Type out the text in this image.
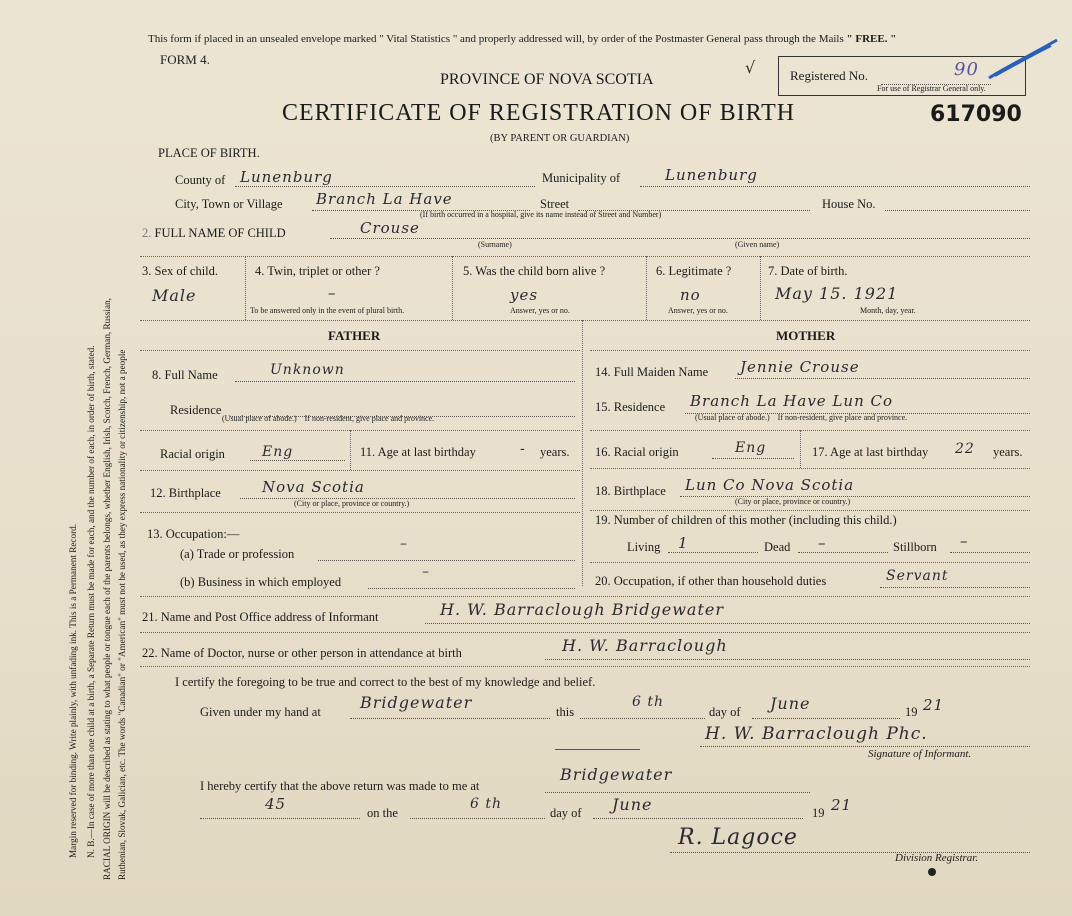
Margin reserved for binding. Write plainly, with unfading ink. This is a Permanent Record. N. B.—In case of more than one child at a birth, a Separate Return must be made for each, and the number of each, in order of birth, stated. RACIAL ORIGIN will be described as stating to what people or tongue each of the parents belongs, whether English, Irish, Scotch, French, German, Russian, Ruthenian, Slovak, Galician, etc. The words "Canadian" or "American" must not be used, as they express nationality or citizenship, not a people
This form if placed in an unsealed envelope marked " Vital Statistics " and properly addressed will, by order of the Postmaster General pass through the Mails " FREE. "
FORM 4.
PROVINCE OF NOVA SCOTIA
√	Registered No.	90
For use of Registrar General only.
CERTIFICATE OF REGISTRATION OF BIRTH	617090
(BY PARENT OR GUARDIAN)
PLACE OF BIRTH.
County of Lunenburg	Municipality of	Lunenburg
City, Town or Village Branch La Have	Street	House No.
(If birth occurred in a hospital, give its name instead of Street and Number)
2. FULL NAME OF CHILD	Crouse
(Surname)	(Given name)
3. Sex of child.
Male
4. Twin, triplet or other ?
–
To be answered only in the event of plural birth.
5. Was the child born alive ?
yes
Answer, yes or no.
6. Legitimate ?
no
Answer, yes or no.
7. Date of birth.
May 15. 1921
Month, day, year.
FATHER
8. Full Name	Unknown
Residence
(Usual place of abode.) If non-resident, give place and province.
Racial origin	Eng	11. Age at last birthday	- years.
12. Birthplace	Nova Scotia
(City or place, province or country.)
13. Occupation:—
(a) Trade or profession
–
(b) Business in which employed
–
MOTHER
14. Full Maiden Name Jennie Crouse
15. Residence Branch La Have Lun Co
(Usual place of abode.) If non-resident, give place and province.
16. Racial origin	Eng	17. Age at last birthday 22 years.
18. Birthplace Lun Co Nova Scotia
(City or place, province or country.)
19. Number of children of this mother (including this child.)
Living 1	Dead –	Stillborn –
20. Occupation, if other than household duties	Servant
21. Name and Post Office address of Informant	H. W. Barraclough Bridgewater
22. Name of Doctor, nurse or other person in attendance at birth	H. W. Barraclough
I certify the foregoing to be true and correct to the best of my knowledge and belief.
Given under my hand at Bridgewater	this
6 th
day of June	19 21
H. W. Barraclough Phc.
Signature of Informant.
I hereby certify that the above return was made to me at
Bridgewater
45	on the
6 th
day of June	19 21
R. Lagoce
Division Registrar.
